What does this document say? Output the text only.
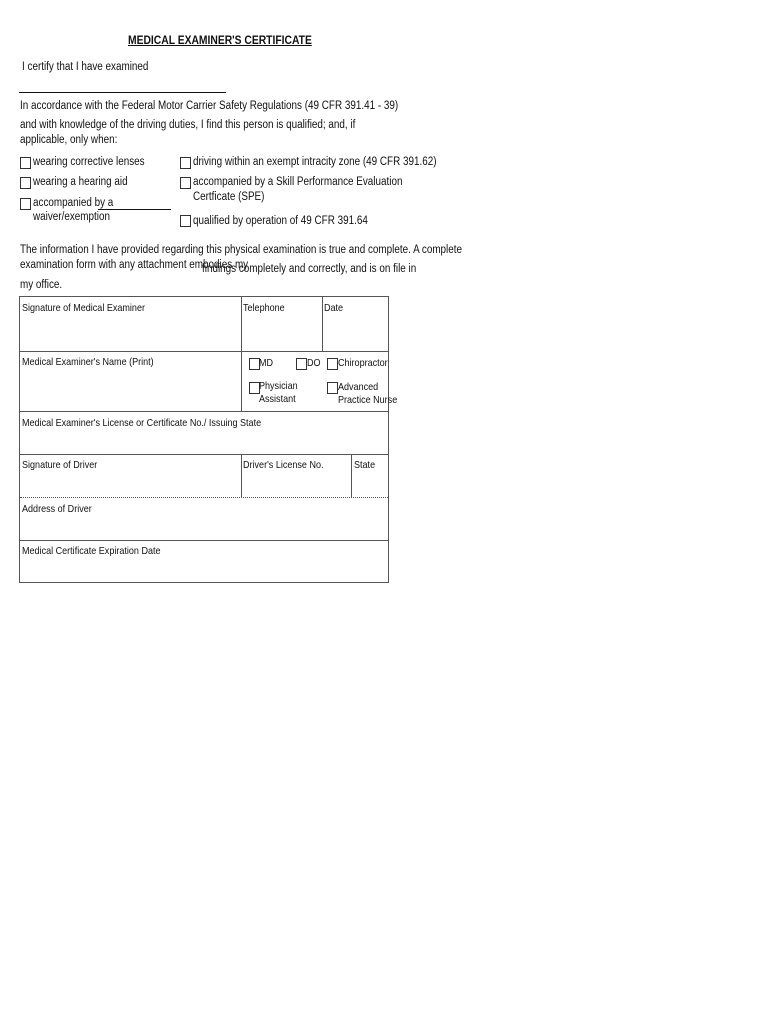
MEDICAL EXAMINER'S CERTIFICATE
I certify that I have examined
In accordance with the Federal Motor Carrier Safety Regulations (49 CFR 391.41 - 39)
and with knowledge of the driving duties, I find this person is qualified; and, if
applicable, only when:
wearing corrective lenses
wearing a hearing aid
accompanied by a
waiver/exemption
driving within an exempt intracity zone (49 CFR 391.62)
accompanied by a Skill Performance Evaluation
Certficate (SPE)
qualified by operation of 49 CFR 391.64
The information I have provided regarding this physical examination is true and complete. A complete
examination form with any attachment embodies my
findings completely and correctly, and is on file in
my office.
Signature of Medical Examiner	Telephone	Date
Medical Examiner's Name (Print)	MD	DO Chiropractor
Physician
Assistant
Advanced
Practice Nurse
Medical Examiner's License or Certificate No./ Issuing State
Signature of Driver	Driver's License No.	State
Address of Driver
Medical Certificate Expiration Date
